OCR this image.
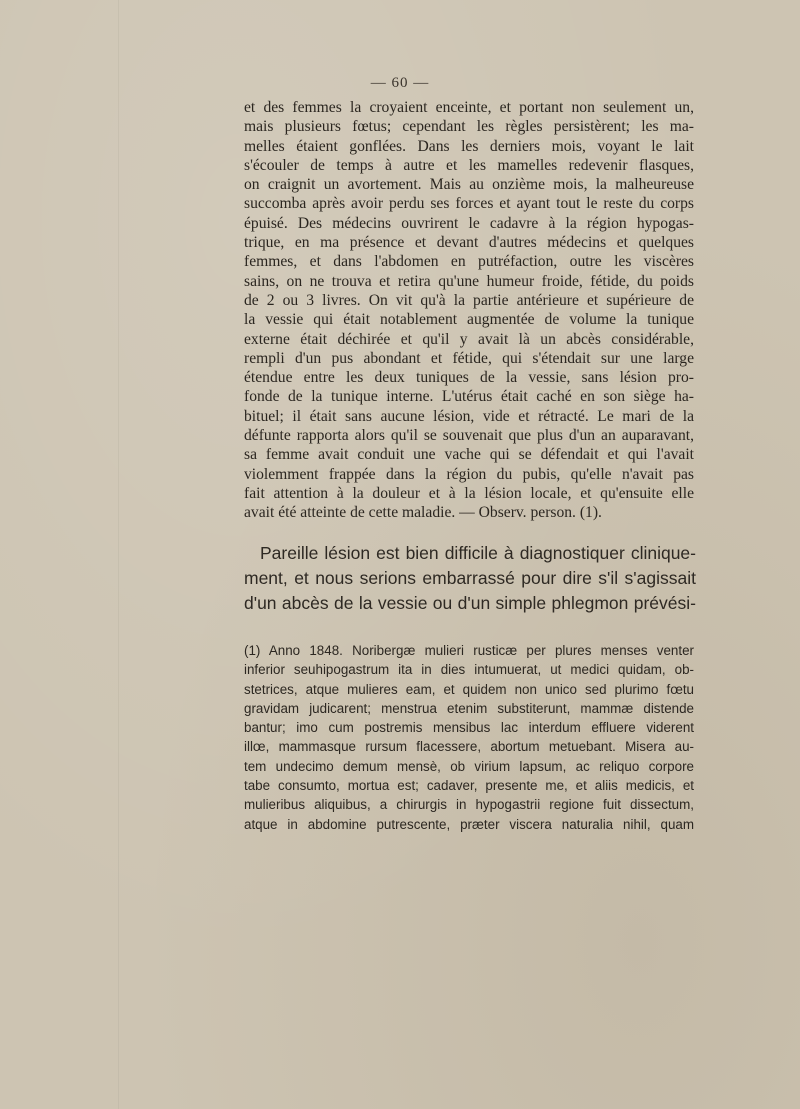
— 60 —
et des femmes la croyaient enceinte, et portant non seulement un,
mais plusieurs fœtus; cependant les règles persistèrent; les ma-
melles étaient gonflées. Dans les derniers mois, voyant le lait
s'écouler de temps à autre et les mamelles redevenir flasques,
on craignit un avortement. Mais au onzième mois, la malheureuse
succomba après avoir perdu ses forces et ayant tout le reste du corps
épuisé. Des médecins ouvrirent le cadavre à la région hypogas-
trique, en ma présence et devant d'autres médecins et quelques
femmes, et dans l'abdomen en putréfaction, outre les viscères
sains, on ne trouva et retira qu'une humeur froide, fétide, du poids
de 2 ou 3 livres. On vit qu'à la partie antérieure et supérieure de
la vessie qui était notablement augmentée de volume la tunique
externe était déchirée et qu'il y avait là un abcès considérable,
rempli d'un pus abondant et fétide, qui s'étendait sur une large
étendue entre les deux tuniques de la vessie, sans lésion pro-
fonde de la tunique interne. L'utérus était caché en son siège ha-
bituel; il était sans aucune lésion, vide et rétracté. Le mari de la
défunte rapporta alors qu'il se souvenait que plus d'un an auparavant,
sa femme avait conduit une vache qui se défendait et qui l'avait
violemment frappée dans la région du pubis, qu'elle n'avait pas
fait attention à la douleur et à la lésion locale, et qu'ensuite elle
avait été atteinte de cette maladie. — Observ. person. (1).
Pareille lésion est bien difficile à diagnostiquer clinique-
ment, et nous serions embarrassé pour dire s'il s'agissait
d'un abcès de la vessie ou d'un simple phlegmon prévési-
(1) Anno 1848. Noribergæ mulieri rusticæ per plures menses venter
inferior seuhipogastrum ita in dies intumuerat, ut medici quidam, ob-
stetrices, atque mulieres eam, et quidem non unico sed plurimo fœtu
gravidam judicarent; menstrua etenim substiterunt, mammæ distende
bantur; imo cum postremis mensibus lac interdum effluere viderent
illœ, mammasque rursum flacessere, abortum metuebant. Misera au-
tem undecimo demum mensè, ob virium lapsum, ac reliquo corpore
tabe consumto, mortua est; cadaver, presente me, et aliis medicis, et
mulieribus aliquibus, a chirurgis in hypogastrii regione fuit dissectum,
atque in abdomine putrescente, præter viscera naturalia nihil, quam
